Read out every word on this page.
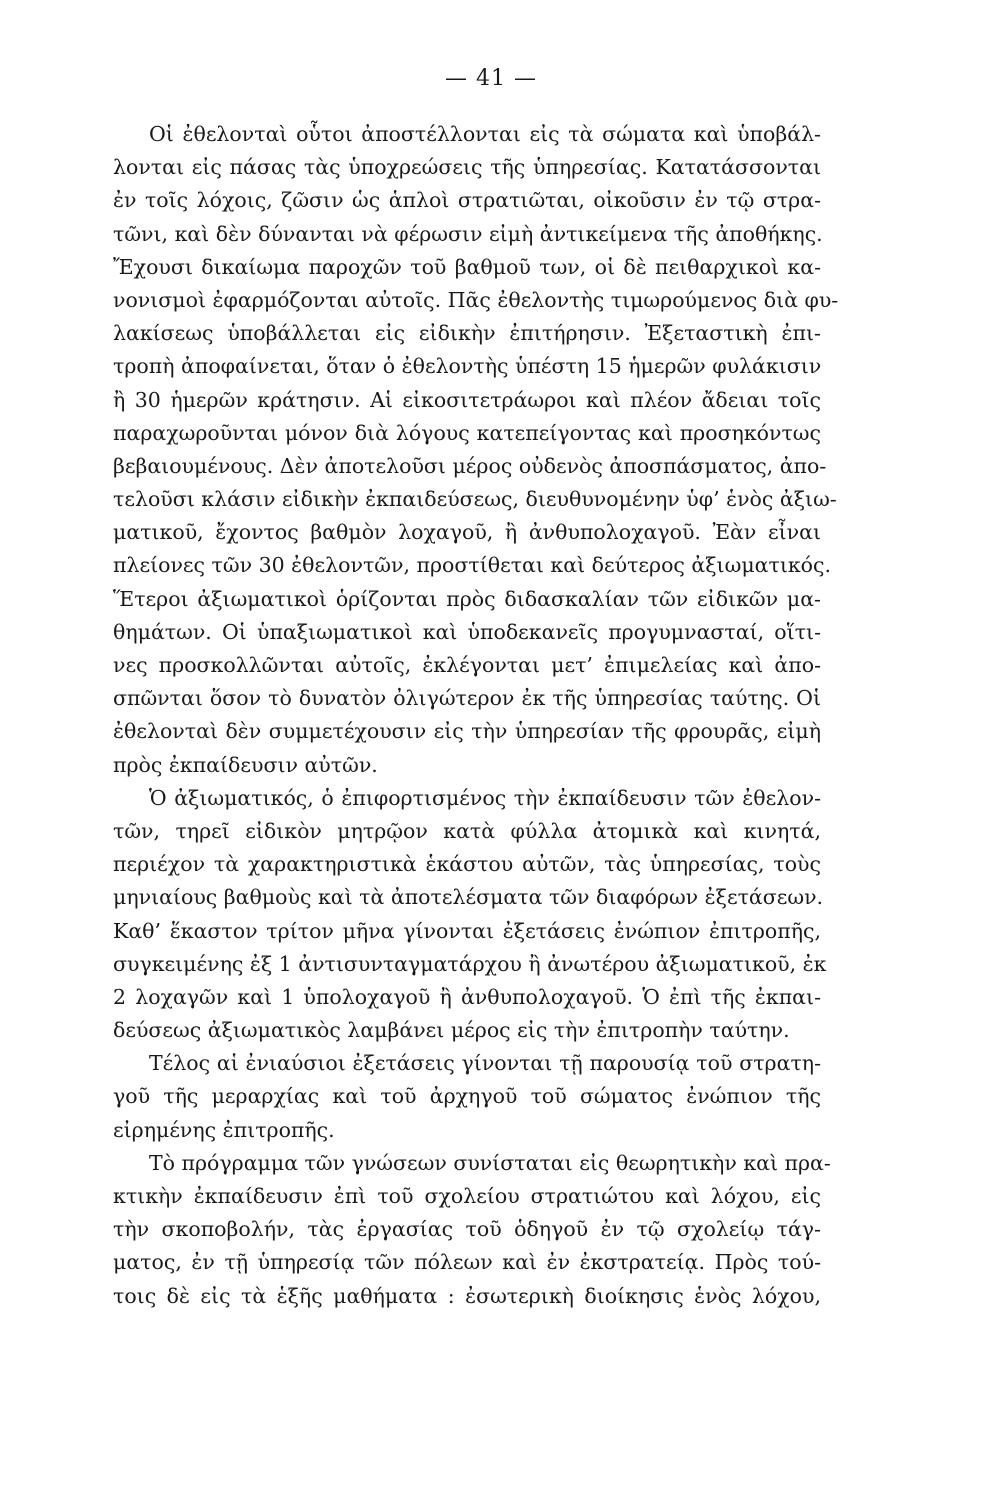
— 41 —
Οἱ ἐθελονταὶ οὗτοι ἀποστέλλονται εἰς τὰ σώματα καὶ ὑποβάλ-
λονται εἰς πάσας τὰς ὑποχρεώσεις τῆς ὑπηρεσίας. Κατατάσσονται
ἐν τοῖς λόχοις, ζῶσιν ὡς ἁπλοὶ στρατιῶται, οἰκοῦσιν ἐν τῷ στρα-
τῶνι, καὶ δὲν δύνανται νὰ φέρωσιν εἰμὴ ἀντικείμενα τῆς ἀποθήκης.
Ἔχουσι δικαίωμα παροχῶν τοῦ βαθμοῦ των, οἱ δὲ πειθαρχικοὶ κα-
νονισμοὶ ἐφαρμόζονται αὐτοῖς. Πᾶς ἐθελοντὴς τιμωρούμενος διὰ φυ-
λακίσεως ὑποβάλλεται εἰς εἰδικὴν ἐπιτήρησιν. Ἐξεταστικὴ ἐπι-
τροπὴ ἀποφαίνεται, ὅταν ὁ ἐθελοντὴς ὑπέστη 15 ἡμερῶν φυλάκισιν
ἢ 30 ἡμερῶν κράτησιν. Αἱ εἰκοσιτετράωροι καὶ πλέον ἄδειαι τοῖς
παραχωροῦνται μόνον διὰ λόγους κατεπείγοντας καὶ προσηκόντως
βεβαιουμένους. Δὲν ἀποτελοῦσι μέρος οὐδενὸς ἀποσπάσματος, ἀπο-
τελοῦσι κλάσιν εἰδικὴν ἐκπαιδεύσεως, διευθυνομένην ὑφ’ ἑνὸς ἀξιω-
ματικοῦ, ἔχοντος βαθμὸν λοχαγοῦ, ἢ ἀνθυπολοχαγοῦ. Ἐὰν εἶναι
πλείονες τῶν 30 ἐθελοντῶν, προστίθεται καὶ δεύτερος ἀξιωματικός.
Ἕτεροι ἀξιωματικοὶ ὁρίζονται πρὸς διδασκαλίαν τῶν εἰδικῶν μα-
θημάτων. Οἱ ὑπαξιωματικοὶ καὶ ὑποδεκανεῖς προγυμνασταί, οἵτι-
νες προσκολλῶνται αὐτοῖς, ἐκλέγονται μετ’ ἐπιμελείας καὶ ἀπο-
σπῶνται ὅσον τὸ δυνατὸν ὀλιγώτερον ἐκ τῆς ὑπηρεσίας ταύτης. Οἱ
ἐθελονταὶ δὲν συμμετέχουσιν εἰς τὴν ὑπηρεσίαν τῆς φρουρᾶς, εἰμὴ
πρὸς ἐκπαίδευσιν αὐτῶν.
Ὁ ἀξιωματικός, ὁ ἐπιφορτισμένος τὴν ἐκπαίδευσιν τῶν ἐθελον-
τῶν, τηρεῖ εἰδικὸν μητρῷον κατὰ φύλλα ἀτομικὰ καὶ κινητά,
περιέχον τὰ χαρακτηριστικὰ ἑκάστου αὐτῶν, τὰς ὑπηρεσίας, τοὺς
μηνιαίους βαθμοὺς καὶ τὰ ἀποτελέσματα τῶν διαφόρων ἐξετάσεων.
Καθ’ ἕκαστον τρίτον μῆνα γίνονται ἐξετάσεις ἐνώπιον ἐπιτροπῆς,
συγκειμένης ἐξ 1 ἀντισυνταγματάρχου ἢ ἀνωτέρου ἀξιωματικοῦ, ἐκ
2 λοχαγῶν καὶ 1 ὑπολοχαγοῦ ἢ ἀνθυπολοχαγοῦ. Ὁ ἐπὶ τῆς ἐκπαι-
δεύσεως ἀξιωματικὸς λαμβάνει μέρος εἰς τὴν ἐπιτροπὴν ταύτην.
Τέλος αἱ ἐνιαύσιοι ἐξετάσεις γίνονται τῇ παρουσίᾳ τοῦ στρατη-
γοῦ τῆς μεραρχίας καὶ τοῦ ἀρχηγοῦ τοῦ σώματος ἐνώπιον τῆς
εἰρημένης ἐπιτροπῆς.
Τὸ πρόγραμμα τῶν γνώσεων συνίσταται εἰς θεωρητικὴν καὶ πρα-
κτικὴν ἐκπαίδευσιν ἐπὶ τοῦ σχολείου στρατιώτου καὶ λόχου, εἰς
τὴν σκοποβολήν, τὰς ἐργασίας τοῦ ὁδηγοῦ ἐν τῷ σχολείῳ τάγ-
ματος, ἐν τῇ ὑπηρεσίᾳ τῶν πόλεων καὶ ἐν ἐκστρατείᾳ. Πρὸς τού-
τοις δὲ εἰς τὰ ἑξῆς μαθήματα : ἐσωτερικὴ διοίκησις ἑνὸς λόχου,
